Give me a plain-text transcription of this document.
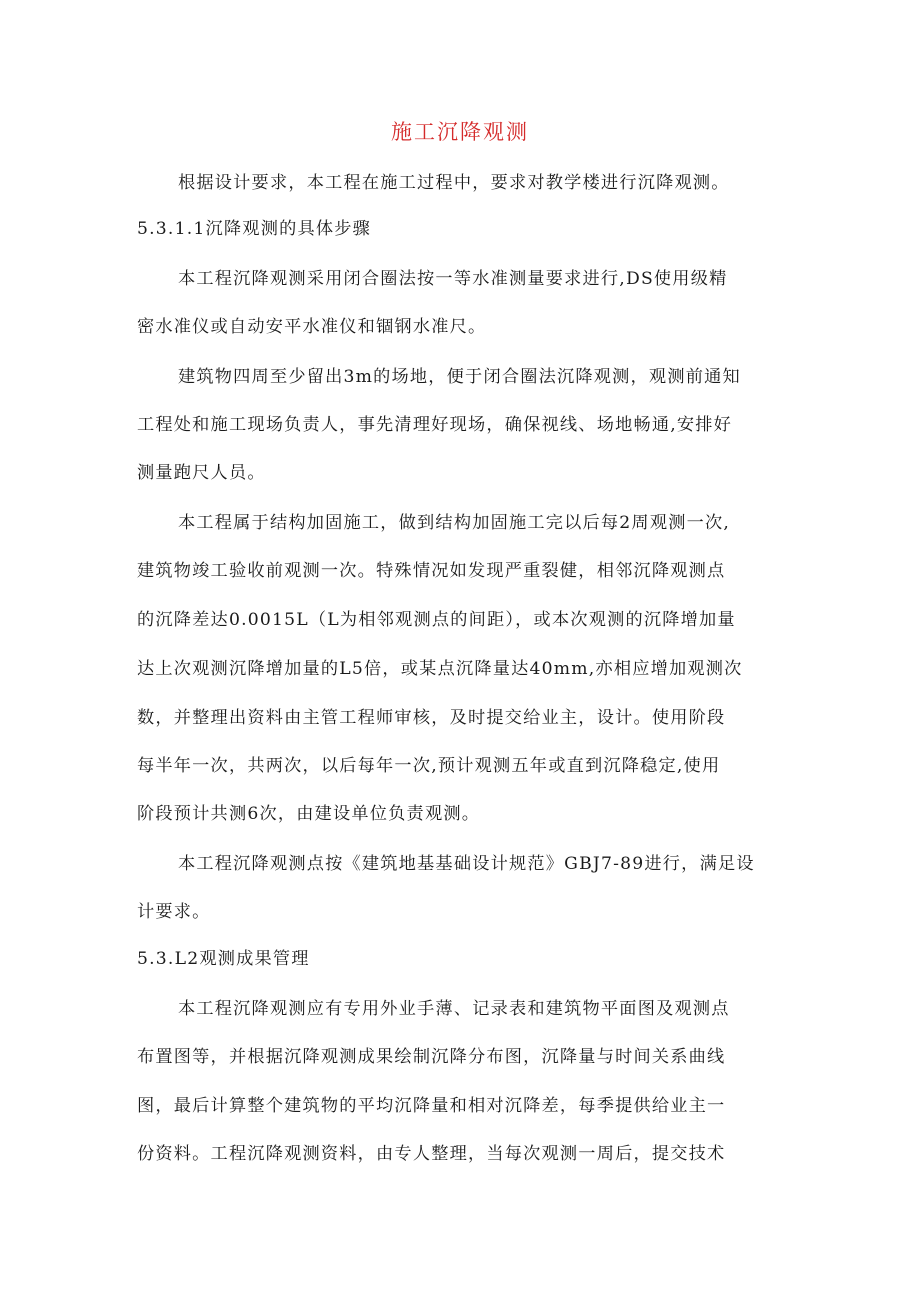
施工沉降观测
根据设计要求，本工程在施工过程中，要求对教学楼进行沉降观测。
5.3.1.1沉降观测的具体步骤
本工程沉降观测采用闭合圈法按一等水准测量要求进行,DS使用级精
密水准仪或自动安平水准仪和锢钢水准尺。
建筑物四周至少留出3m的场地，便于闭合圈法沉降观测，观测前通知
工程处和施工现场负责人，事先清理好现场，确保视线、场地畅通,安排好
测量跑尺人员。
本工程属于结构加固施工，做到结构加固施工完以后每2周观测一次,
建筑物竣工验收前观测一次。特殊情况如发现严重裂健，相邻沉降观测点
的沉降差达0.0015L（L为相邻观测点的间距），或本次观测的沉降增加量
达上次观测沉降增加量的L5倍，或某点沉降量达40mm,亦相应增加观测次
数，并整理出资料由主管工程师审核，及时提交给业主，设计。使用阶段
每半年一次，共两次，以后每年一次,预计观测五年或直到沉降稳定,使用
阶段预计共测6次，由建设单位负责观测。
本工程沉降观测点按《建筑地基基础设计规范》GBJ7-89进行，满足设
计要求。
5.3.L2观测成果管理
本工程沉降观测应有专用外业手薄、记录表和建筑物平面图及观测点
布置图等，并根据沉降观测成果绘制沉降分布图，沉降量与时间关系曲线
图，最后计算整个建筑物的平均沉降量和相对沉降差，每季提供给业主一
份资料。工程沉降观测资料，由专人整理，当每次观测一周后，提交技术
